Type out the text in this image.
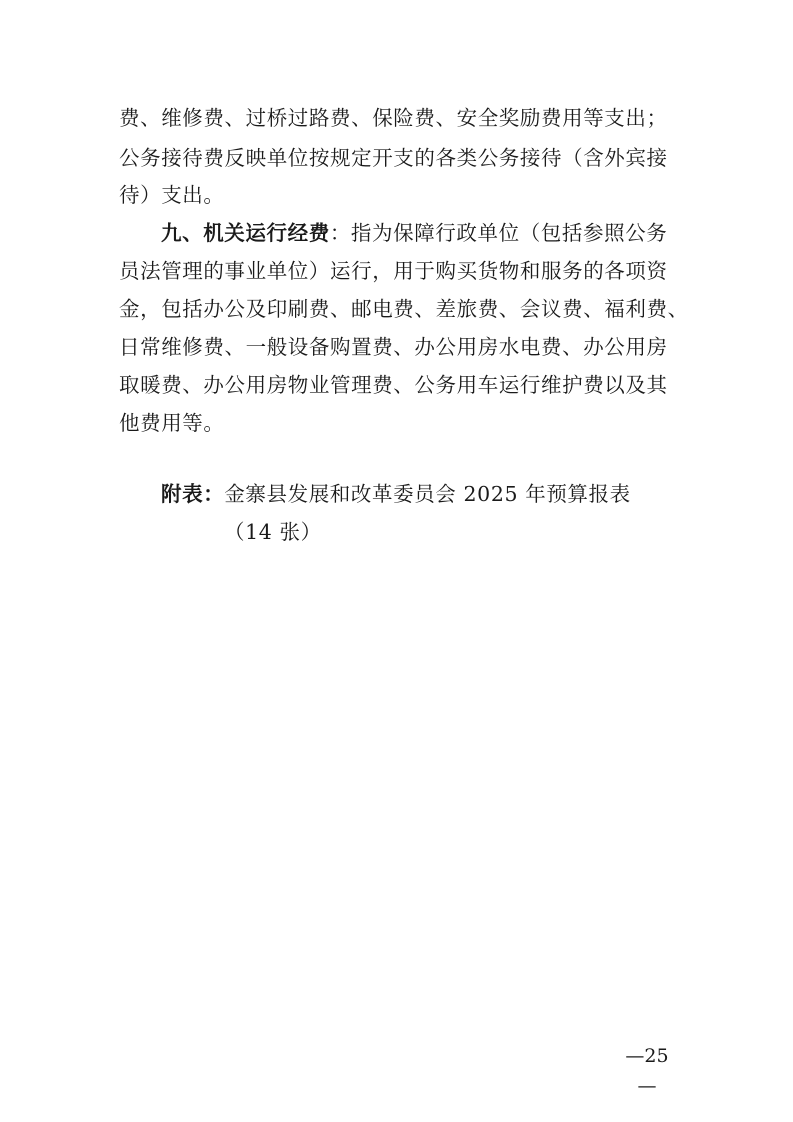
费、维修费、过桥过路费、保险费、安全奖励费用等支出；
公务接待费反映单位按规定开支的各类公务接待（含外宾接
待）支出。
九、机关运行经费：指为保障行政单位（包括参照公务
员法管理的事业单位）运行，用于购买货物和服务的各项资
金，包括办公及印刷费、邮电费、差旅费、会议费、福利费、
日常维修费、一般设备购置费、办公用房水电费、办公用房
取暖费、办公用房物业管理费、公务用车运行维护费以及其
他费用等。
附表：金寨县发展和改革委员会 2025 年预算报表
（14 张）
—25—
